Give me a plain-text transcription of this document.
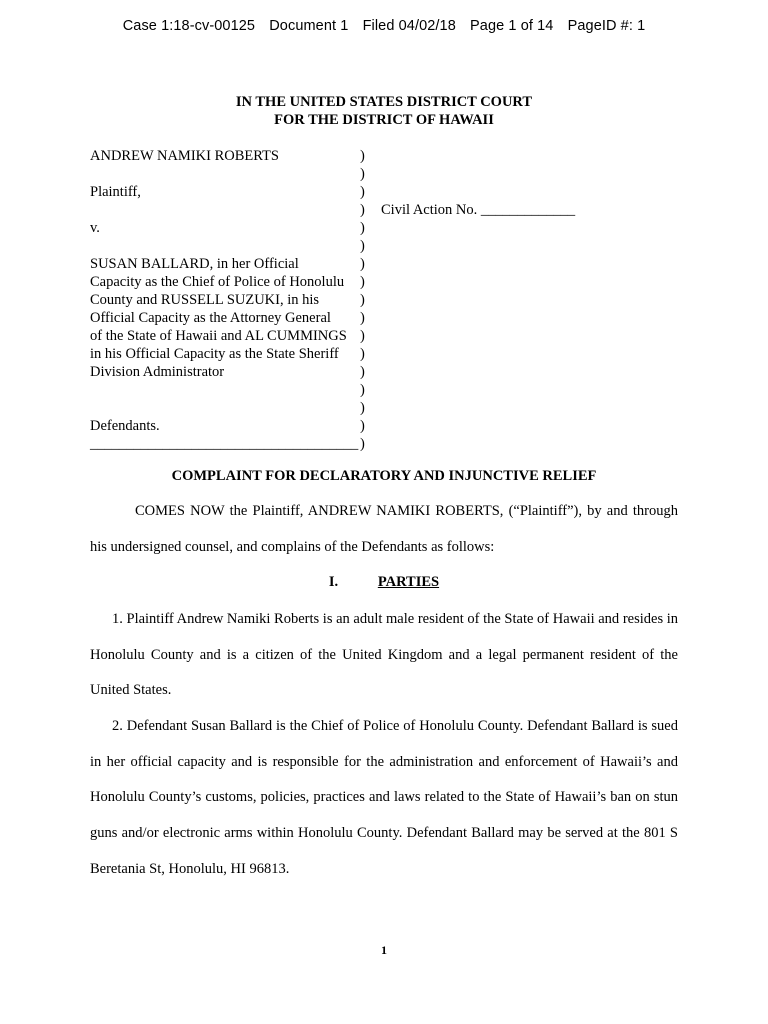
Case 1:18-cv-00125 Document 1 Filed 04/02/18 Page 1 of 14 PageID #: 1
IN THE UNITED STATES DISTRICT COURT
FOR THE DISTRICT OF HAWAII
ANDREW NAMIKI ROBERTS
Plaintiff,
v.
SUSAN BALLARD, in her Official
Capacity as the Chief of Police of Honolulu
County and RUSSELL SUZUKI, in his
Official Capacity as the Attorney General
of the State of Hawaii and AL CUMMINGS
in his Official Capacity as the State Sheriff
Division Administrator
Defendants.
_____________________________________
)
)
)
)
)
)
)
)
)
)
)
)
)
)
)
)
)
Civil Action No. _____________
COMPLAINT FOR DECLARATORY AND INJUNCTIVE RELIEF
COMES NOW the Plaintiff, ANDREW NAMIKI ROBERTS, (“Plaintiff”), by and through his undersigned counsel, and complains of the Defendants as follows:
I.	PARTIES
1. Plaintiff Andrew Namiki Roberts is an adult male resident of the State of Hawaii and resides in Honolulu County and is a citizen of the United Kingdom and a legal permanent resident of the United States.
2. Defendant Susan Ballard is the Chief of Police of Honolulu County. Defendant Ballard is sued in her official capacity and is responsible for the administration and enforcement of Hawaii’s and Honolulu County’s customs, policies, practices and laws related to the State of Hawaii’s ban on stun guns and/or electronic arms within Honolulu County. Defendant Ballard may be served at the 801 S Beretania St, Honolulu, HI 96813.
1
